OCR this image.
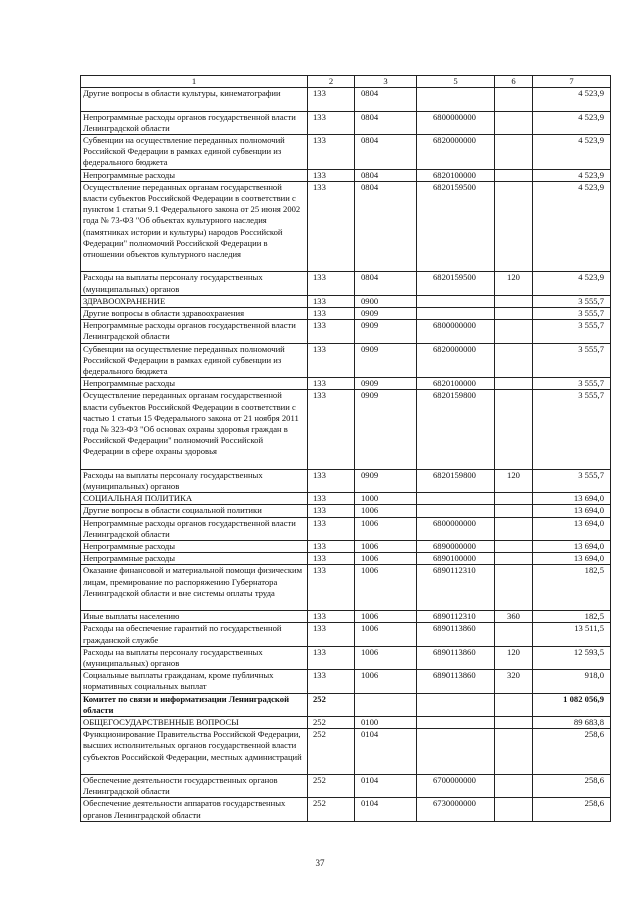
1	2	3	5	6	7
Другие вопросы в области культуры, кинематографии	133	0804			4 523,9
Непрограммные расходы органов государственной власти Ленинградской области	133	0804	6800000000		4 523,9
Субвенции на осуществление переданных полномочий Российской Федерации в рамках единой субвенции из федерального бюджета	133	0804	6820000000		4 523,9
Непрограммные расходы	133	0804	6820100000		4 523,9
Осуществление переданных органам государственной власти субъектов Российской Федерации в соответствии с пунктом 1 статьи 9.1 Федерального закона от 25 июня 2002 года № 73-ФЗ "Об объектах культурного наследия (памятниках истории и культуры) народов Российской Федерации" полномочий Российской Федерации в отношении объектов культурного наследия	133	0804	6820159500		4 523,9
Расходы на выплаты персоналу государственных (муниципальных) органов	133	0804	6820159500	120	4 523,9
ЗДРАВООХРАНЕНИЕ	133	0900			3 555,7
Другие вопросы в области здравоохранения	133	0909			3 555,7
Непрограммные расходы органов государственной власти Ленинградской области	133	0909	6800000000		3 555,7
Субвенции на осуществление переданных полномочий Российской Федерации в рамках единой субвенции из федерального бюджета	133	0909	6820000000		3 555,7
Непрограммные расходы	133	0909	6820100000		3 555,7
Осуществление переданных органам государственной власти субъектов Российской Федерации в соответствии с частью 1 статьи 15 Федерального закона от 21 ноября 2011 года № 323-ФЗ "Об основах охраны здоровья граждан в Российской Федерации" полномочий Российской Федерации в сфере охраны здоровья	133	0909	6820159800		3 555,7
Расходы на выплаты персоналу государственных (муниципальных) органов	133	0909	6820159800	120	3 555,7
СОЦИАЛЬНАЯ ПОЛИТИКА	133	1000			13 694,0
Другие вопросы в области социальной политики	133	1006			13 694,0
Непрограммные расходы органов государственной власти Ленинградской области	133	1006	6800000000		13 694,0
Непрограммные расходы	133	1006	6890000000		13 694,0
Непрограммные расходы	133	1006	6890100000		13 694,0
Оказание финансовой и материальной помощи физическим лицам, премирование по распоряжению Губернатора Ленинградской области и вне системы оплаты труда	133	1006	6890112310		182,5
Иные выплаты населению	133	1006	6890112310	360	182,5
Расходы на обеспечение гарантий по государственной гражданской службе	133	1006	6890113860		13 511,5
Расходы на выплаты персоналу государственных (муниципальных) органов	133	1006	6890113860	120	12 593,5
Социальные выплаты гражданам, кроме публичных нормативных социальных выплат	133	1006	6890113860	320	918,0
Комитет по связи и информатизации Ленинградской области	252				1 082 056,9
ОБЩЕГОСУДАРСТВЕННЫЕ ВОПРОСЫ	252	0100			89 683,8
Функционирование Правительства Российской Федерации, высших исполнительных органов государственной власти субъектов Российской Федерации, местных администраций	252	0104			258,6
Обеспечение деятельности государственных органов Ленинградской области	252	0104	6700000000		258,6
Обеспечение деятельности аппаратов государственных органов Ленинградской области	252	0104	6730000000		258,6
37
